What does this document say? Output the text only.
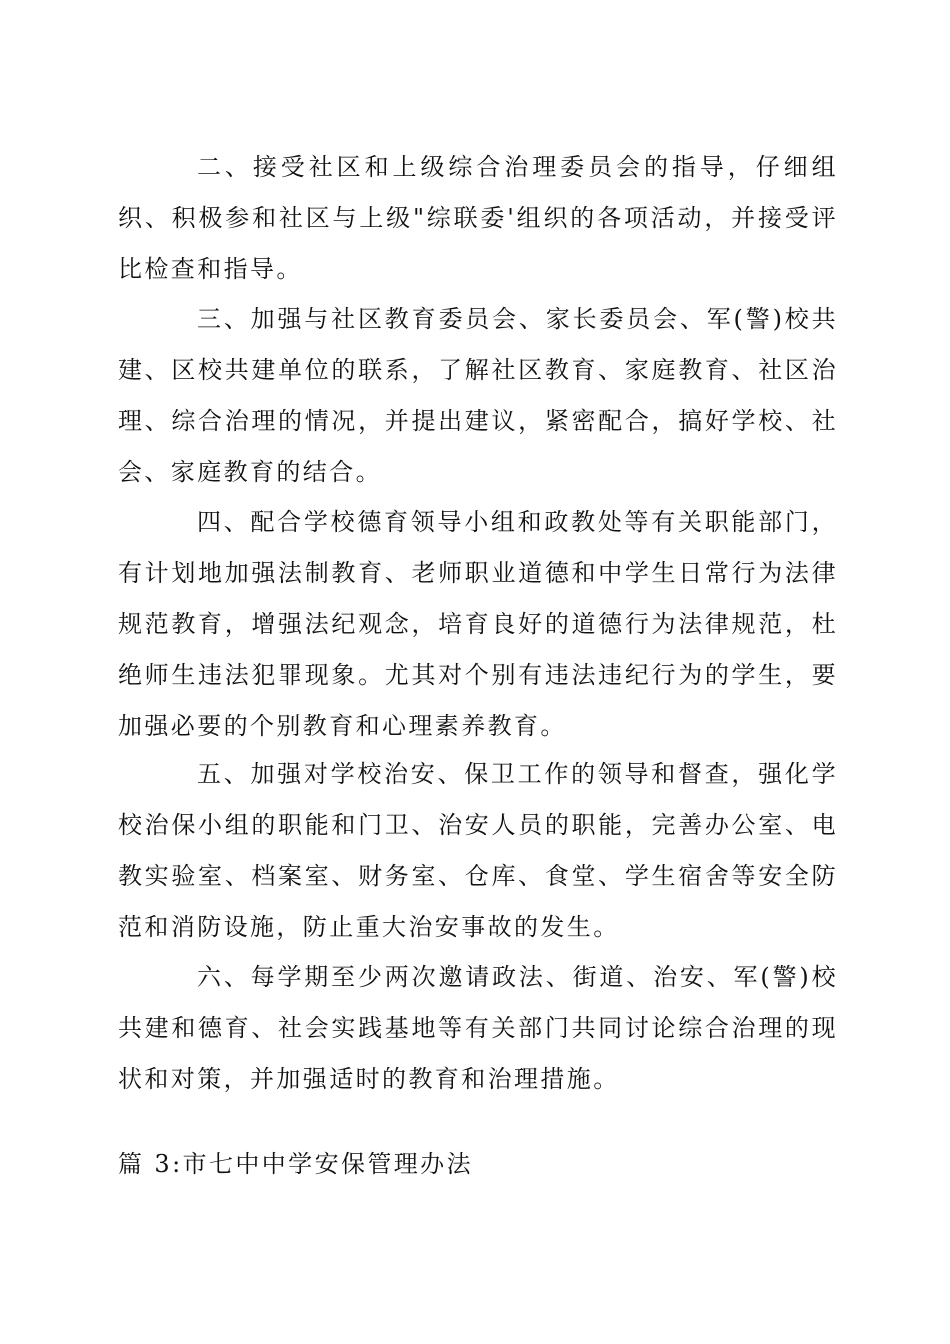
二、接受社区和上级综合治理委员会的指导，仔细组织、积极参和社区与上级"综联委'组织的各项活动，并接受评比检查和指导。

三、加强与社区教育委员会、家长委员会、军(警)校共建、区校共建单位的联系，了解社区教育、家庭教育、社区治理、综合治理的情况，并提出建议，紧密配合，搞好学校、社会、家庭教育的结合。

四、配合学校德育领导小组和政教处等有关职能部门，有计划地加强法制教育、老师职业道德和中学生日常行为法律规范教育，增强法纪观念，培育良好的道德行为法律规范，杜绝师生违法犯罪现象。尤其对个别有违法违纪行为的学生，要加强必要的个别教育和心理素养教育。

五、加强对学校治安、保卫工作的领导和督查，强化学校治保小组的职能和门卫、治安人员的职能，完善办公室、电教实验室、档案室、财务室、仓库、食堂、学生宿舍等安全防范和消防设施，防止重大治安事故的发生。

六、每学期至少两次邀请政法、街道、治安、军(警)校共建和德育、社会实践基地等有关部门共同讨论综合治理的现状和对策，并加强适时的教育和治理措施。

篇 3:市七中中学安保管理办法
